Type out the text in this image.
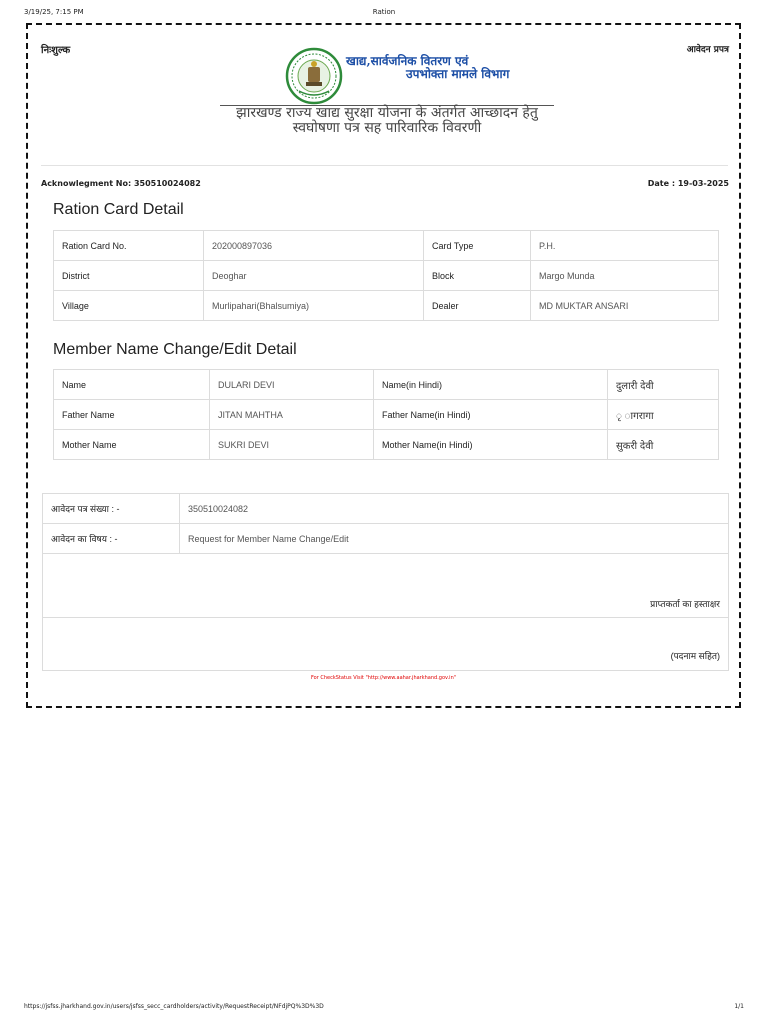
3/19/25, 7:15 PM	Ration
निःशुल्क	आवेदन प्रपत्र
खाद्य,सार्वजनिक वितरण एवं
उपभोक्ता मामले विभाग
झारखण्ड राज्य खाद्य सुरक्षा योजना के अंतर्गत आच्छादन हेतु स्वघोषणा पत्र सह पारिवारिक विवरणी
Acknowlegment No: 350510024082	Date : 19-03-2025
Ration Card Detail
Ration Card No.	202000897036	Card Type	P.H.
District	Deoghar	Block	Margo Munda
Village	Murlipahari(Bhalsumiya)	Dealer	MD MUKTAR ANSARI
Member Name Change/Edit Detail
Name	DULARI DEVI	Name(in Hindi)	दुलारी देवी
Father Name	JITAN MAHTHA	Father Name(in Hindi)	ृ ागरागा
Mother Name	SUKRI DEVI	Mother Name(in Hindi)	सुकरी देवी
आवेदन पत्र संख्या : -	350510024082
आवेदन का विषय : -	Request for Member Name Change/Edit
प्राप्तकर्ता का हस्ताक्षर	
(पदनाम सहित)	
For CheckStatus Visit "http://www.aahar.jharkhand.gov.in"
https://jsfss.jharkhand.gov.in/users/jsfss_secc_cardholders/activity/RequestReceipt/NFdjPQ%3D%3D	1/1
